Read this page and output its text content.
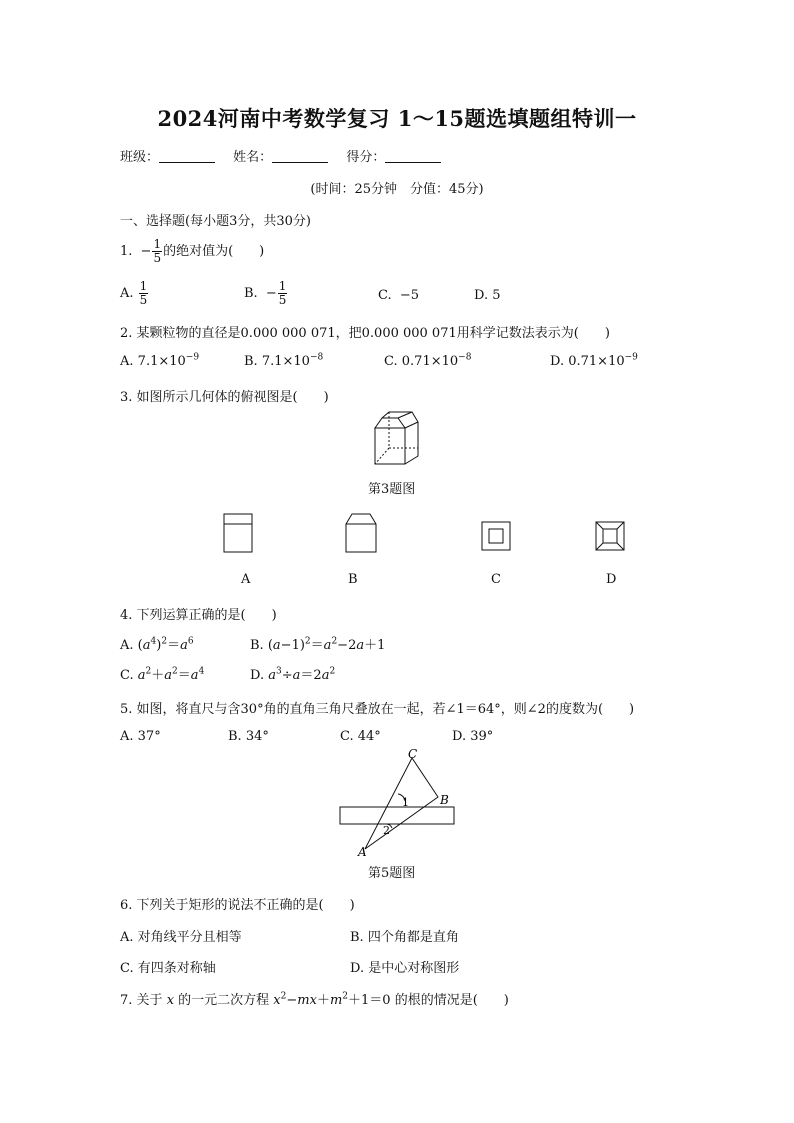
2024河南中考数学复习 1～15题选填题组特训一
班级：	姓名：	得分：
(时间：25分钟　分值：45分)
一、选择题(每小题3分，共30分)
1. − $\frac{1}{5}$ 的绝对值为(　　)
A. $\frac{1}{5}$	B. − $\frac{1}{5}$	C. −5	D. 5
2. 某颗粒物的直径是0.000 000 071，把0.000 000 071用科学记数法表示为(　　)
A. $7.1\times 10^{-9}$	B. $7.1\times 10^{-8}$	C. $0.71\times 10^{-8}$	D. $0.71\times 10^{-9}$
3. 如图所示几何体的俯视图是(　　)
第3题图
A	B	C	D
4. 下列运算正确的是(　　)
A. $(a^4)^2=a^6$	B. $(a-1)^2=a^2-2a+1$
C. $a^2+a^2=a^4$	D. $a^3\div a=2a^2$
5. 如图，将直尺与含30°角的直角三角尺叠放在一起，若∠1＝64°，则∠2的度数为(　　)
A. 37°	B. 34°	C. 44°	D. 39°
C
B
A
1
2
第5题图
6. 下列关于矩形的说法不正确的是(　　)
A. 对角线平分且相等	B. 四个角都是直角
C. 有四条对称轴	D. 是中心对称图形
7. 关于 x 的一元二次方程 $x^2-mx+m^2+1=0$ 的根的情况是(　　)
